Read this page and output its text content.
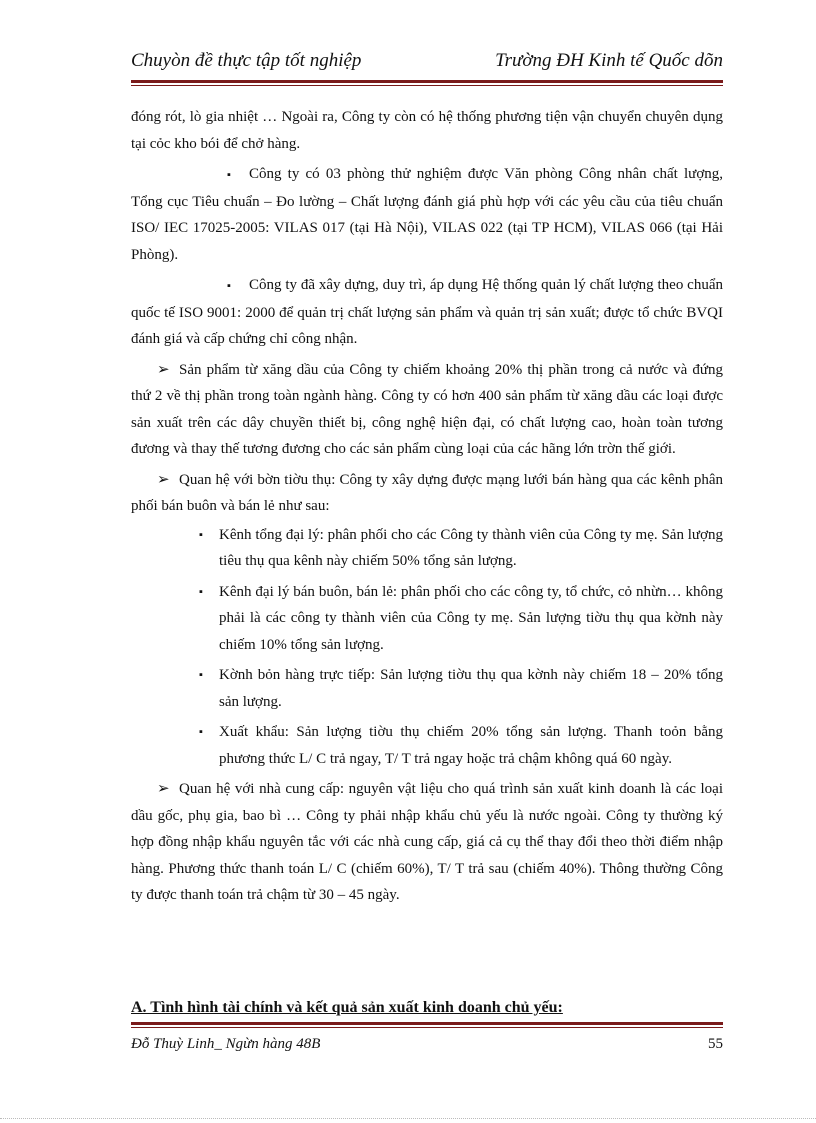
Chuyòn đề thực tập tốt nghiệp	Trường ĐH Kinh tế Quốc dõn

đóng rót, lò gia nhiệt … Ngoài ra, Công ty còn có hệ thống phương tiện vận chuyển chuyên dụng tại cỏc kho bói để chở hàng.

▪ Công ty có 03 phòng thử nghiệm được Văn phòng Công nhân chất lượng, Tổng cục Tiêu chuẩn – Đo lường – Chất lượng đánh giá phù hợp với các yêu cầu của tiêu chuẩn ISO/ IEC 17025-2005: VILAS 017 (tại Hà Nội), VILAS 022 (tại TP HCM), VILAS 066 (tại Hải Phòng).

▪ Công ty đã xây dựng, duy trì, áp dụng Hệ thống quản lý chất lượng theo chuẩn quốc tế ISO 9001: 2000 để quản trị chất lượng sản phẩm và quản trị sản xuất; được tổ chức BVQI đánh giá và cấp chứng chỉ công nhận.

➢ Sản phẩm từ xăng dầu của Công ty chiếm khoảng 20% thị phần trong cả nước và đứng thứ 2 về thị phần trong toàn ngành hàng. Công ty có hơn 400 sản phẩm từ xăng dầu các loại được sản xuất trên các dây chuyền thiết bị, công nghệ hiện đại, có chất lượng cao, hoàn toàn tương đương và thay thế tương đương cho các sản phẩm cùng loại của các hãng lớn trờn thế giới.

➢ Quan hệ với bờn tiờu thụ: Công ty xây dựng được mạng lưới bán hàng qua các kênh phân phối bán buôn và bán lẻ như sau:

▪ Kênh tổng đại lý: phân phối cho các Công ty thành viên của Công ty mẹ. Sản lượng tiêu thụ qua kênh này chiếm 50% tổng sản lượng.

▪ Kênh đại lý bán buôn, bán lẻ: phân phối cho các công ty, tổ chức, cỏ nhừn… không phải là các công ty thành viên của Công ty mẹ. Sản lượng tiờu thụ qua kờnh này chiếm 10% tổng sản lượng.

▪ Kờnh bỏn hàng trực tiếp: Sản lượng tiờu thụ qua kờnh này chiếm 18 – 20% tổng sản lượng.

▪ Xuất khẩu: Sản lượng tiờu thụ chiếm 20% tổng sản lượng. Thanh toỏn bằng phương thức L/ C trả ngay, T/ T trả ngay hoặc trả chậm không quá 60 ngày.

➢ Quan hệ với nhà cung cấp: nguyên vật liệu cho quá trình sản xuất kinh doanh là các loại dầu gốc, phụ gia, bao bì … Công ty phải nhập khẩu chủ yếu là nước ngoài. Công ty thường ký hợp đồng nhập khẩu nguyên tắc với các nhà cung cấp, giá cả cụ thể thay đổi theo thời điểm nhập hàng. Phương thức thanh toán L/ C (chiếm 60%), T/ T trả sau (chiếm 40%). Thông thường Công ty được thanh toán trả chậm từ 30 – 45 ngày.

A. Tình hình tài chính và kết quả sản xuất kinh doanh chủ yếu:
Đỗ Thuỳ Linh_ Ngừn hàng 48B	55
